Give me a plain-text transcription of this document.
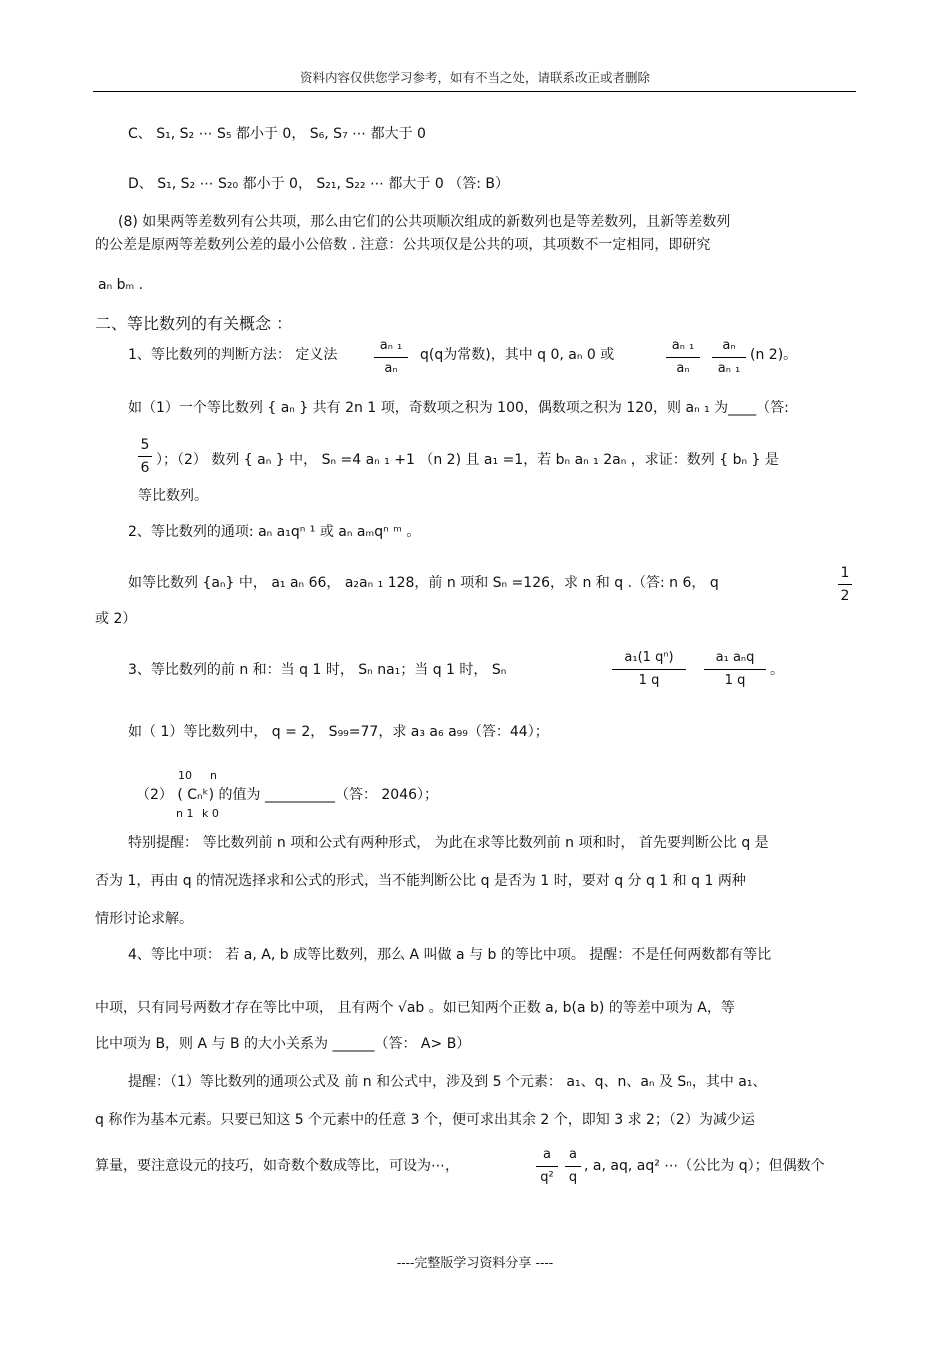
资料内容仅供您学习参考，如有不当之处，请联系改正或者删除
C、 S₁, S₂ ⋯ S₅ 都小于 0， S₆, S₇ ⋯ 都大于 0
D、 S₁, S₂ ⋯ S₂₀ 都小于 0， S₂₁, S₂₂ ⋯ 都大于 0 （答: B）
(8) 如果两等差数列有公共项，那么由它们的公共项顺次组成的新数列也是等差数列，且新等差数列
的公差是原两等差数列公差的最小公倍数 . 注意：公共项仅是公共的项，其项数不一定相同，即研究
aₙ bₘ .
二、等比数列的有关概念 ：
1、等比数列的判断方法： 定义法
aₙ ₁
aₙ
q(q为常数)，其中 q 0, aₙ 0 或
aₙ ₁
aₙ
aₙ
aₙ ₁
(n 2)。
如（1）一个等比数列 { aₙ } 共有 2n 1 项，奇数项之积为 100，偶数项之积为 120，则 aₙ ₁ 为____（答:
5
6 ）；（2） 数列 { aₙ } 中， Sₙ =4 aₙ ₁ +1 （n 2) 且 a₁ =1，若 bₙ aₙ ₁ 2aₙ ，求证：数列 { bₙ } 是
等比数列。
2、等比数列的通项: aₙ a₁qⁿ ¹ 或 aₙ aₘqⁿ ᵐ 。
如等比数列 {aₙ} 中， a₁ aₙ 66， a₂aₙ ₁ 128，前 n 项和 Sₙ =126，求 n 和 q .（答: n 6， q
1
2
或 2）
3、等比数列的前 n 和：当 q 1 时， Sₙ na₁；当 q 1 时， Sₙ
a₁(1 qⁿ)
1 q
a₁ aₙq
1 q
。
如（ 1）等比数列中， q = 2， S₉₉=77，求 a₃ a₆ a₉₉（答：44）；
10 n
（2） ( Cₙᵏ) 的值为 __________（答： 2046）；
n 1 k 0
特别提醒： 等比数列前 n 项和公式有两种形式， 为此在求等比数列前 n 项和时， 首先要判断公比 q 是
否为 1，再由 q 的情况选择求和公式的形式，当不能判断公比 q 是否为 1 时，要对 q 分 q 1 和 q 1 两种
情形讨论求解。
4、等比中项： 若 a, A, b 成等比数列，那么 A 叫做 a 与 b 的等比中项。 提醒：不是任何两数都有等比
中项，只有同号两数才存在等比中项， 且有两个 √ab 。如已知两个正数 a, b(a b) 的等差中项为 A，等
比中项为 B，则 A 与 B 的大小关系为 ______（答： A> B）
提醒：（1）等比数列的通项公式及 前 n 和公式中，涉及到 5 个元素： a₁、q、n、aₙ 及 Sₙ，其中 a₁、
q 称作为基本元素。只要已知这 5 个元素中的任意 3 个，便可求出其余 2 个，即知 3 求 2；（2）为减少运
算量，要注意设元的技巧，如奇数个数成等比，可设为⋯，
a
q²
a
q
, a, aq, aq² ⋯（公比为 q）；但偶数个
----完整版学习资料分享 ----
